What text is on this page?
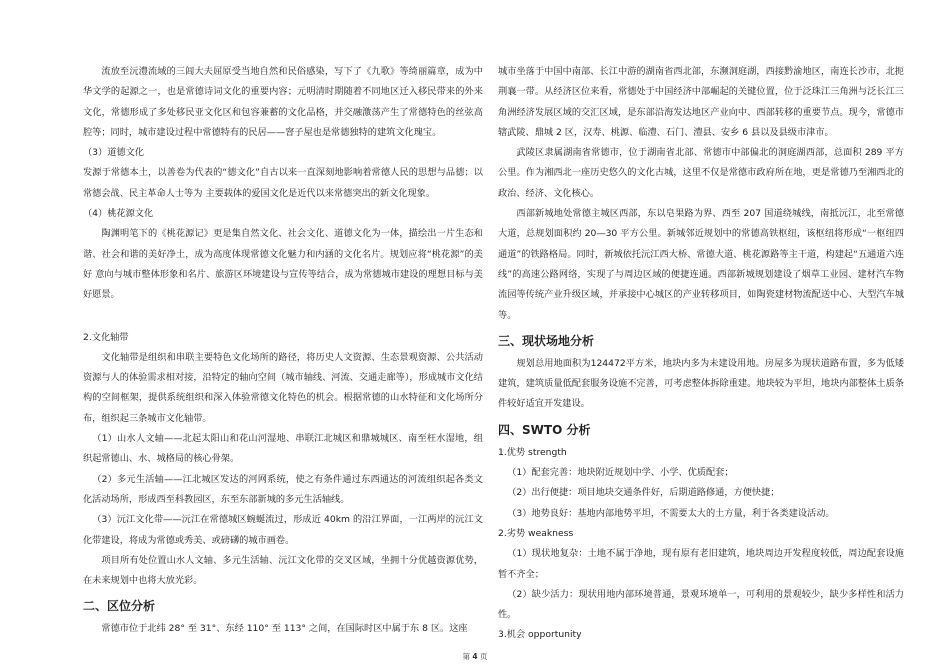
流放至沅澧流域的三闾大夫屈原受当地自然和民俗感染，写下了《九歌》等绮丽篇章，成为中华文学的起源之一，也是常德诗词文化的重要内容；元明清时期随着不同地区迁入移民带来的外来文化，常德形成了多处移民亚文化区和包容兼蓄的文化品格，并交融激荡产生了常德特色的丝弦高腔等；同时，城市建设过程中常德特有的民居——窨子屋也是常德独特的建筑文化瑰宝。

（3）道德文化

发源于常德本土，以善卷为代表的“德文化”自古以来一直深刻地影响着常德人民的思想与品德；以常德会战、民主革命人士等为 主要载体的爱国文化是近代以来常德突出的新文化现象。

（4）桃花源文化

陶渊明笔下的《桃花源记》更是集自然文化、社会文化、道德文化为一体，描绘出一片生态和谐、社会和谐的美好净土，成为高度体现常德文化魅力和内涵的文化名片。规划应将“桃花源”的美好 意向与城市整体形象和名片、旅游区环境建设与宣传等结合，成为常德城市建设的理想目标与美好愿景。

2.文化轴带

文化轴带是组织和串联主要特色文化场所的路径，将历史人文资源、生态景观资源、公共活动资源与人的体验需求相对接，沿特定的轴向空间（城市轴线、河流、交通走廊等），形成城市文化结构的空间框架，提供系统组织和深入体验常德文化特色的机会。根据常德的山水特征和文化场所分布，组织起三条城市文化轴带。

（1）山水人文轴——北起太阳山和花山河湿地、串联江北城区和鼎城城区、南至枉水湿地，组织起常德山、水、城格局的核心骨架。

（2）多元生活轴——江北城区发达的河网系统，使之有条件通过东西通达的河流组织起各类文化活动场所，形成西至科教园区，东至东部新城的多元生活轴线。

（3）沅江文化带——沅江在常德城区蜿蜒流过，形成近 40km 的沿江界面，一江两岸的沅江文化带建设，将成为常德或秀美、或磅礴的城市画卷。

项目所有处位置山水人文轴、多元生活轴、沅江文化带的交叉区域，坐拥十分优越资源优势，在未来规划中也将大放光彩。

二、区位分析

常德市位于北纬 28° 至 31°、东经 110° 至 113° 之间，在国际时区中属于东 8 区。这座

城市坐落于中国中南部、长江中游的湖南省西北部，东濒洞庭湖，西接黔渝地区，南连长沙市，北扼荆襄一带。从经济区位来看，常德处于中国经济中部崛起的关键位置，位于泛珠江三角洲与泛长江三角洲经济发展区域的交汇区域，是东部沿海发达地区产业向中、西部转移的重要节点。现今，常德市辖武陵、鼎城 2 区，汉寿、桃源、临澧、石门、澧县、安乡 6 县以及县级市津市。

武陵区隶属湖南省常德市，位于湖南省北部、常德市中部偏北的洞庭湖西部，总面积 289 平方公里。作为湘西北一座历史悠久的文化古城，这里不仅是常德市政府所在地，更是常德乃至湘西北的政治、经济、文化核心。

西部新城地处常德主城区西部，东以皂果路为界、西至 207 国道绕城线，南抵沅江，北至常德大道，总规划面积约 20—30 平方公里。新城邻近规划中的常德高铁枢纽，该枢纽将形成“一枢纽四通道”的铁路格局。同时，新城依托沅江西大桥、常德大道、桃花源路等主干道，构建起“五通道六连线”的高速公路网络，实现了与周边区域的便捷连通。西部新城规划建设了烟草工业园、建材汽车物流园等传统产业升级区域，并承接中心城区的产业转移项目，如陶瓷建材物流配送中心、大型汽车城等。

三、现状场地分析

规划总用地面积为124472平方米，地块内多为未建设用地。房屋多为现状道路布置，多为低矮建筑，建筑质量低配套服务设施不完善，可考虑整体拆除重建。地块较为平坦，地块内部整体土质条件较好适宜开发建设。

四、SWTO 分析

1.优势 strength

（1）配套完善：地块附近规划中学、小学、优质配套；

（2）出行便捷：项目地块交通条件好，后期道路修通，方便快捷；

（3）地势良好：基地内部地势平坦，不需要太大的土方量，利于各类建设活动。

2.劣势 weakness

（1）现状地复杂：土地不属于净地，现有原有老旧建筑，地块周边开发程度较低，周边配套设施暂不齐全；

（2）缺少活力：现状用地内部环境普通，景观环境单一，可利用的景观较少，缺少多样性和活力性。

3.机会 opportunity

第 4 页
